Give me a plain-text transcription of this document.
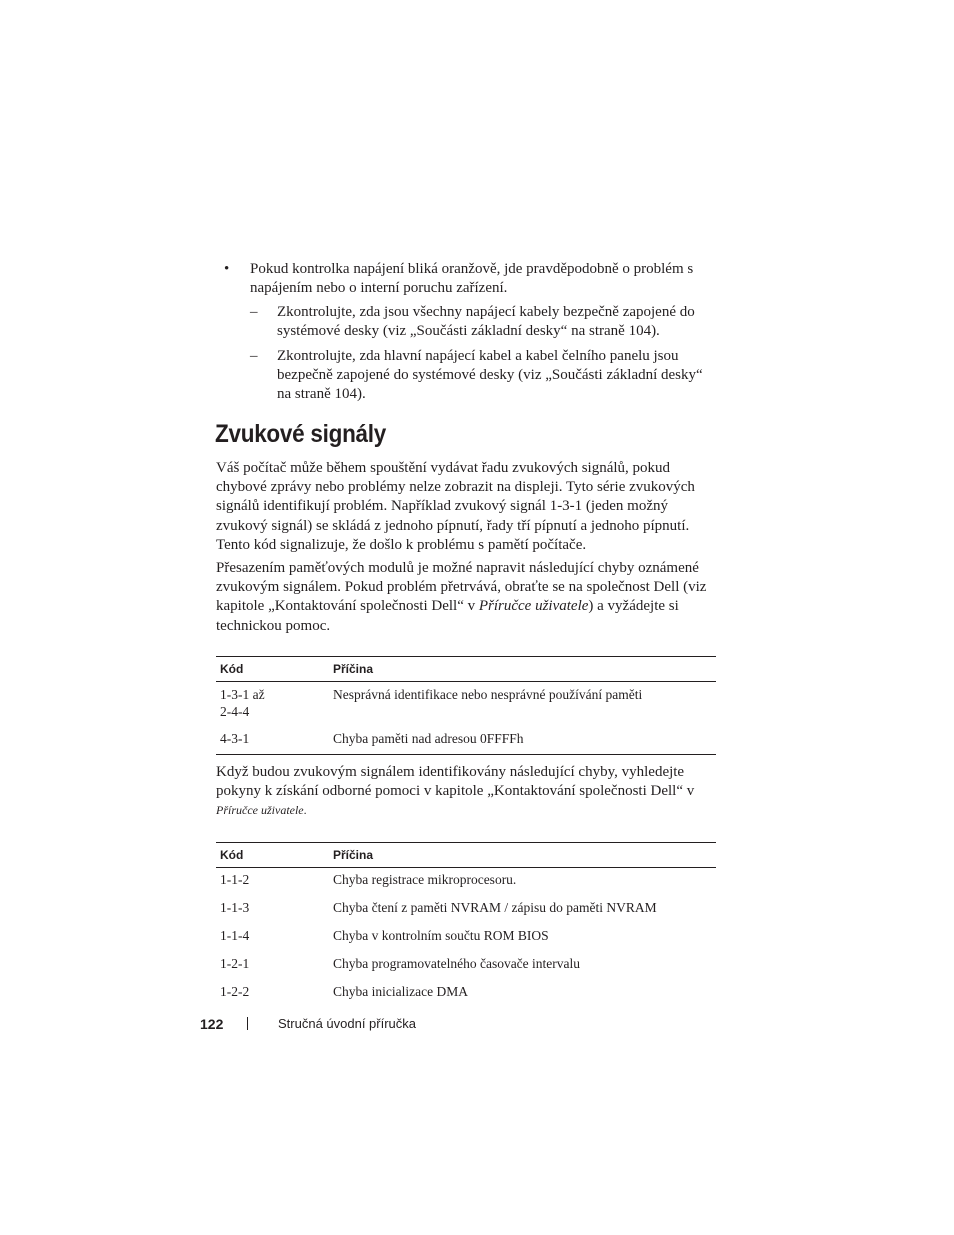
• Pokud kontrolka napájení bliká oranžově, jde pravděpodobně o problém s napájením nebo o interní poruchu zařízení.
– Zkontrolujte, zda jsou všechny napájecí kabely bezpečně zapojené do systémové desky (viz „Součásti základní desky“ na straně 104).
– Zkontrolujte, zda hlavní napájecí kabel a kabel čelního panelu jsou bezpečně zapojené do systémové desky (viz „Součásti základní desky“ na straně 104).
Zvukové signály

Váš počítač může během spouštění vydávat řadu zvukových signálů, pokud chybové zprávy nebo problémy nelze zobrazit na displeji. Tyto série zvukových signálů identifikují problém. Například zvukový signál 1-3-1 (jeden možný zvukový signál) se skládá z jednoho pípnutí, řady tří pípnutí a jednoho pípnutí. Tento kód signalizuje, že došlo k problému s pamětí počítače.

Přesazením paměťových modulů je možné napravit následující chyby oznámené zvukovým signálem. Pokud problém přetrvává, obraťte se na společnost Dell (viz kapitole „Kontaktování společnosti Dell“ v Příručce uživatele) a vyžádejte si technickou pomoc.

Kód	Příčina
1-3-1 až 2-4-4	Nesprávná identifikace nebo nesprávné používání paměti
4-3-1	Chyba paměti nad adresou 0FFFFh

Když budou zvukovým signálem identifikovány následující chyby, vyhledejte pokyny k získání odborné pomoci v kapitole „Kontaktování společnosti Dell“ v Příručce uživatele.

Kód	Příčina
1-1-2	Chyba registrace mikroprocesoru.
1-1-3	Chyba čtení z paměti NVRAM / zápisu do paměti NVRAM
1-1-4	Chyba v kontrolním součtu ROM BIOS
1-2-1	Chyba programovatelného časovače intervalu
1-2-2	Chyba inicializace DMA
122	Stručná úvodní příručka
